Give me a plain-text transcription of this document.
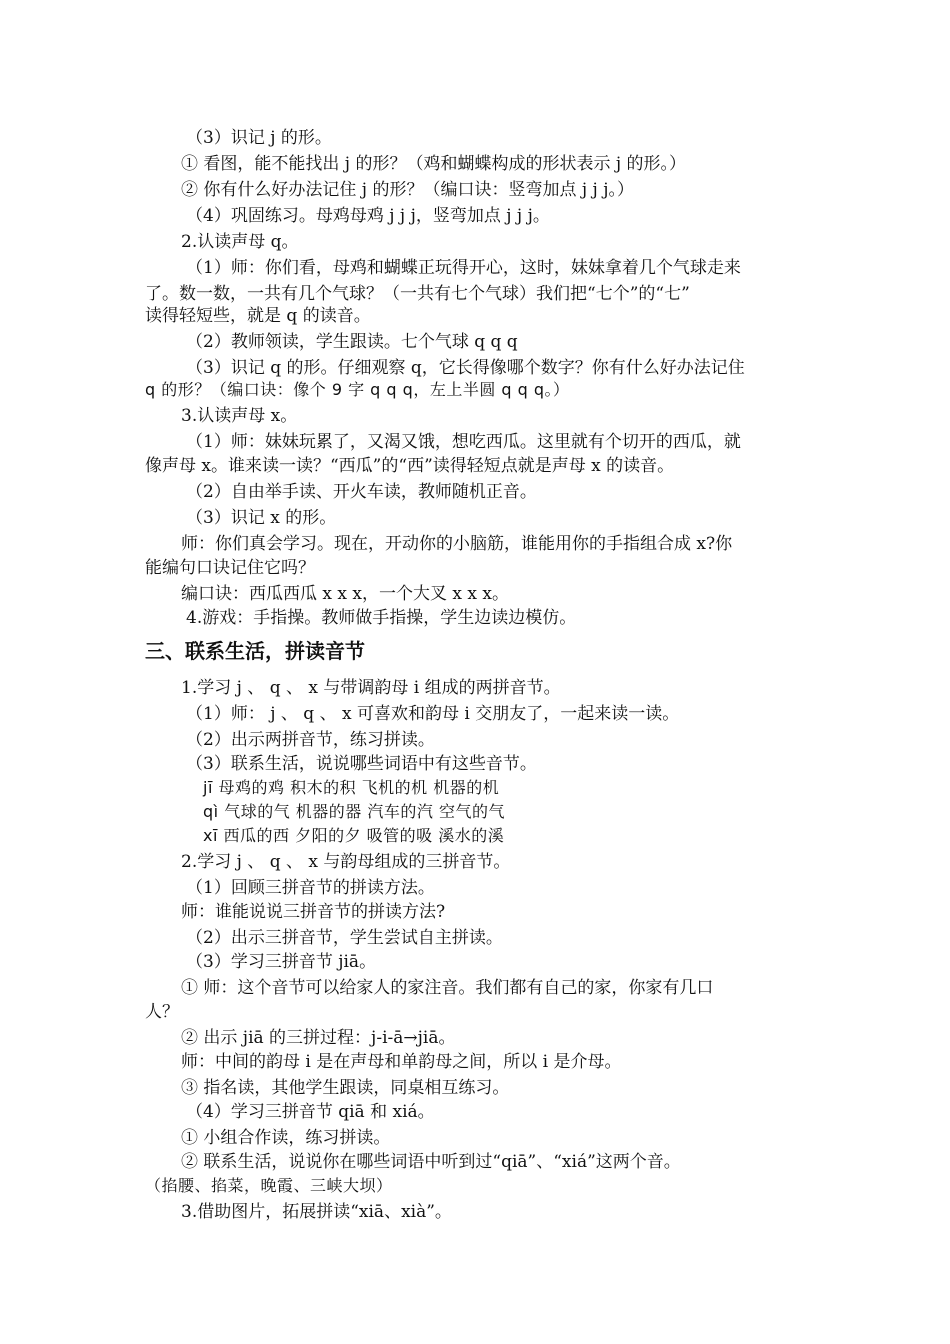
（3）识记 j 的形。
① 看图，能不能找出 j 的形？（鸡和蝴蝶构成的形状表示 j 的形。）
② 你有什么好办法记住 j 的形？（编口诀：竖弯加点 j j j。）
（4）巩固练习。母鸡母鸡 j j j，竖弯加点 j j j。
2.认读声母 q。
（1）师：你们看，母鸡和蝴蝶正玩得开心，这时，妹妹拿着几个气球走来
了。数一数，一共有几个气球？（一共有七个气球）我们把“七个”的“七”
读得轻短些，就是 q 的读音。
（2）教师领读，学生跟读。七个气球 q q q
（3）识记 q 的形。仔细观察 q，它长得像哪个数字？你有什么好办法记住
q 的形？（编口诀：像个 9 字 q q q，左上半圆 q q q。）
3.认读声母 x。
（1）师：妹妹玩累了，又渴又饿，想吃西瓜。这里就有个切开的西瓜，就
像声母 x。谁来读一读？“西瓜”的“西”读得轻短点就是声母 x 的读音。
（2）自由举手读、开火车读，教师随机正音。
（3）识记 x 的形。
师：你们真会学习。现在，开动你的小脑筋，谁能用你的手指组合成 x?你
能编句口诀记住它吗？
编口诀：西瓜西瓜 x x x，一个大叉 x x x。
4.游戏：手指操。教师做手指操，学生边读边模仿。
三、联系生活，拼读音节
1.学习 j 、 q 、 x 与带调韵母 i 组成的两拼音节。
（1）师： j 、 q 、 x 可喜欢和韵母 i 交朋友了，一起来读一读。
（2）出示两拼音节，练习拼读。
（3）联系生活，说说哪些词语中有这些音节。
jī 母鸡的鸡 积木的积 飞机的机 机器的机
qì 气球的气 机器的器 汽车的汽 空气的气
xī 西瓜的西 夕阳的夕 吸管的吸 溪水的溪
2.学习 j 、 q 、 x 与韵母组成的三拼音节。
（1）回顾三拼音节的拼读方法。
师：谁能说说三拼音节的拼读方法?
（2）出示三拼音节，学生尝试自主拼读。
（3）学习三拼音节 jiā。
① 师：这个音节可以给家人的家注音。我们都有自己的家，你家有几口
人？
② 出示 jiā 的三拼过程：j-i-ā→jiā。
师：中间的韵母 i 是在声母和单韵母之间，所以 i 是介母。
③ 指名读，其他学生跟读，同桌相互练习。
（4）学习三拼音节 qiā 和 xiá。
① 小组合作读，练习拼读。
② 联系生活，说说你在哪些词语中听到过“qiā”、“xiá”这两个音。
（掐腰、掐菜，晚霞、三峡大坝）
3.借助图片，拓展拼读“xiā、xià”。
